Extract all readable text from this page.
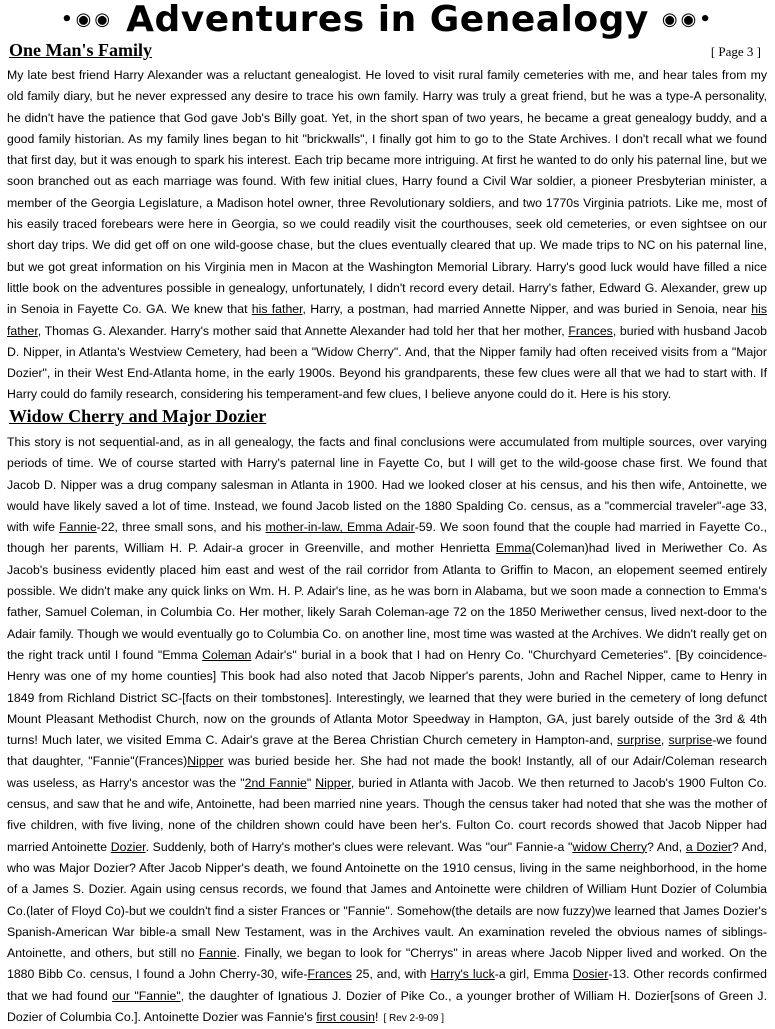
•◉◉ Adventures in Genealogy ◉◉•
[ Page 3 ]
One Man's Family

My late best friend Harry Alexander was a reluctant genealogist. He loved to visit rural family cemeteries with me, and hear tales from my old family diary, but he never expressed any desire to trace his own family. Harry was truly a great friend, but he was a type-A personality, he didn't have the patience that God gave Job's Billy goat. Yet, in the short span of two years, he became a great genealogy buddy, and a good family historian. As my family lines began to hit "brickwalls", I finally got him to go to the State Archives. I don't recall what we found that first day, but it was enough to spark his interest. Each trip became more intriguing. At first he wanted to do only his paternal line, but we soon branched out as each marriage was found. With few initial clues, Harry found a Civil War soldier, a pioneer Presbyterian minister, a member of the Georgia Legislature, a Madison hotel owner, three Revolutionary soldiers, and two 1770s Virginia patriots. Like me, most of his easily traced forebears were here in Georgia, so we could readily visit the courthouses, seek old cemeteries, or even sightsee on our short day trips. We did get off on one wild-goose chase, but the clues eventually cleared that up. We made trips to NC on his paternal line, but we got great information on his Virginia men in Macon at the Washington Memorial Library. Harry's good luck would have filled a nice little book on the adventures possible in genealogy, unfortunately, I didn't record every detail. Harry's father, Edward G. Alexander, grew up in Senoia in Fayette Co. GA. We knew that his father, Harry, a postman, had married Annette Nipper, and was buried in Senoia, near his father, Thomas G. Alexander. Harry's mother said that Annette Alexander had told her that her mother, Frances, buried with husband Jacob D. Nipper, in Atlanta's Westview Cemetery, had been a "Widow Cherry". And, that the Nipper family had often received visits from a "Major Dozier", in their West End-Atlanta home, in the early 1900s. Beyond his grandparents, these few clues were all that we had to start with. If Harry could do family research, considering his temperament-and few clues, I believe anyone could do it. Here is his story.

Widow Cherry and Major Dozier

This story is not sequential-and, as in all genealogy, the facts and final conclusions were accumulated from multiple sources, over varying periods of time. We of course started with Harry's paternal line in Fayette Co, but I will get to the wild-goose chase first. We found that Jacob D. Nipper was a drug company salesman in Atlanta in 1900. Had we looked closer at his census, and his then wife, Antoinette, we would have likely saved a lot of time. Instead, we found Jacob listed on the 1880 Spalding Co. census, as a "commercial traveler"-age 33, with wife Fannie-22, three small sons, and his mother-in-law, Emma Adair-59. We soon found that the couple had married in Fayette Co., though her parents, William H. P. Adair-a grocer in Greenville, and mother Henrietta Emma(Coleman)had lived in Meriwether Co. As Jacob's business evidently placed him east and west of the rail corridor from Atlanta to Griffin to Macon, an elopement seemed entirely possible. We didn't make any quick links on Wm. H. P. Adair's line, as he was born in Alabama, but we soon made a connection to Emma's father, Samuel Coleman, in Columbia Co. Her mother, likely Sarah Coleman-age 72 on the 1850 Meriwether census, lived next-door to the Adair family. Though we would eventually go to Columbia Co. on another line, most time was wasted at the Archives. We didn't really get on the right track until I found "Emma Coleman Adair's" burial in a book that I had on Henry Co. "Churchyard Cemeteries". [By coincidence-Henry was one of my home counties] This book had also noted that Jacob Nipper's parents, John and Rachel Nipper, came to Henry in 1849 from Richland District SC-[facts on their tombstones]. Interestingly, we learned that they were buried in the cemetery of long defunct Mount Pleasant Methodist Church, now on the grounds of Atlanta Motor Speedway in Hampton, GA, just barely outside of the 3rd & 4th turns! Much later, we visited Emma C. Adair's grave at the Berea Christian Church cemetery in Hampton-and, surprise, surprise-we found that daughter, "Fannie"(Frances)Nipper was buried beside her. She had not made the book! Instantly, all of our Adair/Coleman research was useless, as Harry's ancestor was the "2nd Fannie" Nipper, buried in Atlanta with Jacob. We then returned to Jacob's 1900 Fulton Co. census, and saw that he and wife, Antoinette, had been married nine years. Though the census taker had noted that she was the mother of five children, with five living, none of the children shown could have been her's. Fulton Co. court records showed that Jacob Nipper had married Antoinette Dozier. Suddenly, both of Harry's mother's clues were relevant. Was "our" Fannie-a "widow Cherry? And, a Dozier? And, who was Major Dozier? After Jacob Nipper's death, we found Antoinette on the 1910 census, living in the same neighborhood, in the home of a James S. Dozier. Again using census records, we found that James and Antoinette were children of William Hunt Dozier of Columbia Co.(later of Floyd Co)-but we couldn't find a sister Frances or "Fannie". Somehow(the details are now fuzzy)we learned that James Dozier's Spanish-American War bible-a small New Testament, was in the Archives vault. An examination reveled the obvious names of siblings-Antoinette, and others, but still no Fannie. Finally, we began to look for "Cherrys" in areas where Jacob Nipper lived and worked. On the 1880 Bibb Co. census, I found a John Cherry-30, wife-Frances 25, and, with Harry's luck-a girl, Emma Dosier-13. Other records confirmed that we had found our "Fannie", the daughter of Ignatious J. Dozier of Pike Co., a younger brother of William H. Dozier[sons of Green J. Dozier of Columbia Co.]. Antoinette Dozier was Fannie's first cousin! [ Rev 2-9-09 ]
